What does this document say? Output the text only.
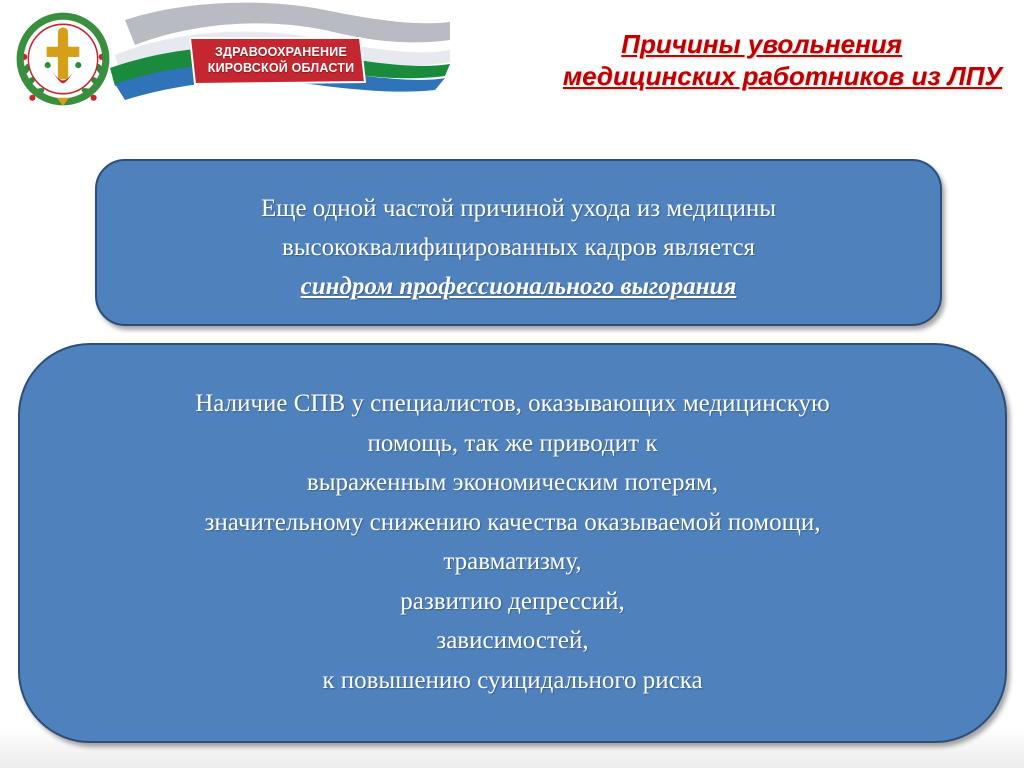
ЗДРАВООХРАНЕНИЕ
КИРОВСКОЙ ОБЛАСТИ
Причины увольнения
медицинских работников из ЛПУ
Еще одной частой причиной ухода из медицины
высококвалифицированных кадров является
синдром профессионального выгорания
Наличие СПВ у специалистов, оказывающих медицинскую
помощь, так же приводит к
выраженным экономическим потерям,
значительному снижению качества оказываемой помощи,
травматизму,
развитию депрессий,
зависимостей,
к повышению суицидального риска
